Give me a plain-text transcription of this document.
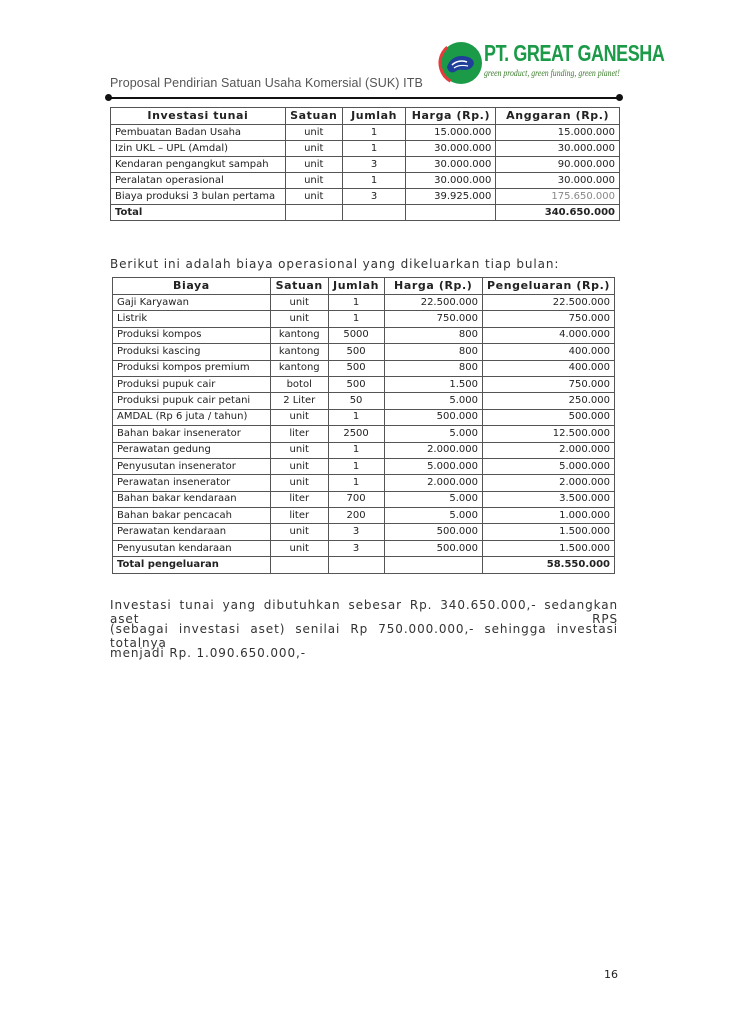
Proposal Pendirian Satuan Usaha Komersial (SUK) ITB
PT. GREAT GANESHA
green product, green funding, green planet!
Investasi tunai	Satuan	Jumlah	Harga (Rp.)	Anggaran (Rp.)
Pembuatan Badan Usaha	unit	1	15.000.000	15.000.000
Izin UKL – UPL (Amdal)	unit	1	30.000.000	30.000.000
Kendaran pengangkut sampah	unit	3	30.000.000	90.000.000
Peralatan operasional	unit	1	30.000.000	30.000.000
Biaya produksi 3 bulan pertama	unit	3	39.925.000	175.650.000
Total				340.650.000
Berikut ini adalah biaya operasional yang dikeluarkan tiap bulan:
Biaya	Satuan	Jumlah	Harga (Rp.)	Pengeluaran (Rp.)
Gaji Karyawan	unit	1	22.500.000	22.500.000
Listrik	unit	1	750.000	750.000
Produksi kompos	kantong	5000	800	4.000.000
Produksi kascing	kantong	500	800	400.000
Produksi kompos premium	kantong	500	800	400.000
Produksi pupuk cair	botol	500	1.500	750.000
Produksi pupuk cair petani	2 Liter	50	5.000	250.000
AMDAL (Rp 6 juta / tahun)	unit	1	500.000	500.000
Bahan bakar insenerator	liter	2500	5.000	12.500.000
Perawatan gedung	unit	1	2.000.000	2.000.000
Penyusutan insenerator	unit	1	5.000.000	5.000.000
Perawatan insenerator	unit	1	2.000.000	2.000.000
Bahan bakar kendaraan	liter	700	5.000	3.500.000
Bahan bakar pencacah	liter	200	5.000	1.000.000
Perawatan kendaraan	unit	3	500.000	1.500.000
Penyusutan kendaraan	unit	3	500.000	1.500.000
Total pengeluaran				58.550.000
Investasi tunai yang dibutuhkan sebesar Rp. 340.650.000,- sedangkan aset RPS
(sebagai investasi aset) senilai Rp 750.000.000,- sehingga investasi totalnya
menjadi Rp. 1.090.650.000,-
16
